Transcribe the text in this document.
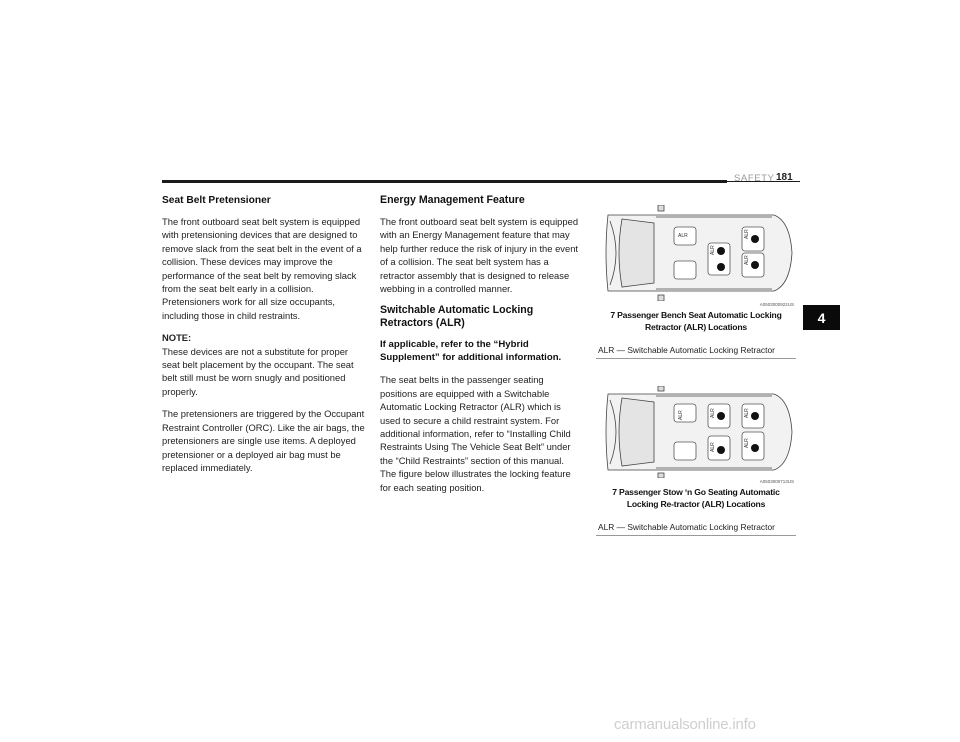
SAFETY 181
4
Seat Belt Pretensioner

The front outboard seat belt system is equipped with pretensioning devices that are designed to remove slack from the seat belt in the event of a collision. These devices may improve the performance of the seat belt by removing slack from the seat belt early in a collision. Pretensioners work for all size occupants, including those in child restraints.

NOTE:
These devices are not a substitute for proper seat belt placement by the occupant. The seat belt still must be worn snugly and positioned properly.

The pretensioners are triggered by the Occupant Restraint Controller (ORC). Like the air bags, the pretensioners are single use items. A deployed pretensioner or a deployed air bag must be replaced immediately.

Energy Management Feature

The front outboard seat belt system is equipped with an Energy Management feature that may help further reduce the risk of injury in the event of a collision. The seat belt system has a retractor assembly that is designed to release webbing in a controlled manner.

Switchable Automatic Locking Retractors (ALR)

If applicable, refer to the “Hybrid Supplement” for additional information.

The seat belts in the passenger seating positions are equipped with a Switchable Automatic Locking Retractor (ALR) which is used to secure a child restraint system. For additional information, refer to “Installing Child Restraints Using The Vehicle Seat Belt” under the “Child Restraints” section of this manual. The figure below illustrates the locking feature for each seating position.

ALR
ALR
ALR
ALR
A0503000922US
7 Passenger Bench Seat Automatic Locking Retractor (ALR) Locations
ALR — Switchable Automatic Locking Retractor
ALR	ALR
ALR
ALR
ALR
A0503000713US
7 Passenger Stow ‘n Go Seating Automatic Locking Re-tractor (ALR) Locations
ALR — Switchable Automatic Locking Retractor
carmanualsonline.info
